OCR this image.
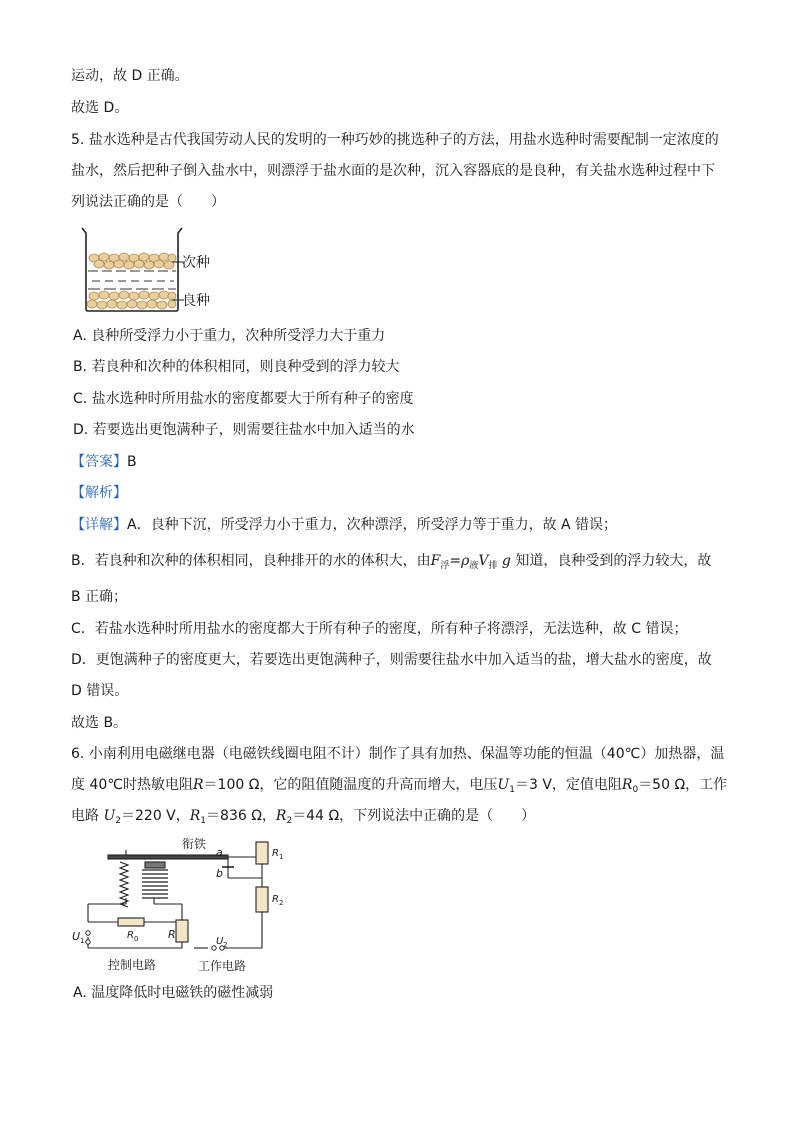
运动，故 D 正确。
故选 D。
5. 盐水选种是古代我国劳动人民的发明的一种巧妙的挑选种子的方法，用盐水选种时需要配制一定浓度的
盐水，然后把种子倒入盐水中，则漂浮于盐水面的是次种，沉入容器底的是良种，有关盐水选种过程中下
列说法正确的是（　　）
次种
良种
A. 良种所受浮力小于重力，次种所受浮力大于重力
B. 若良种和次种的体积相同，则良种受到的浮力较大
C. 盐水选种时所用盐水的密度都要大于所有种子的密度
D. 若要选出更饱满种子，则需要往盐水中加入适当的水
【答案】B
【解析】
【详解】A．良种下沉，所受浮力小于重力，次种漂浮，所受浮力等于重力，故 A 错误；
B．若良种和次种的体积相同，良种排开的水的体积大，由$F_浮=\rho_液V_排$ g 知道，良种受到的浮力较大，故
B 正确；
C．若盐水选种时所用盐水的密度都大于所有种子的密度，所有种子将漂浮，无法选种，故 C 错误；
D．更饱满种子的密度更大，若要选出更饱满种子，则需要往盐水中加入适当的盐，增大盐水的密度，故
D 错误。
故选 B。
6. 小南利用电磁继电器（电磁铁线圈电阻不计）制作了具有加热、保温等功能的恒温（40℃）加热器，温
度 40℃时热敏电阻R＝100 Ω，它的阻值随温度的升高而增大，电压$U_1=3$ V，定值电阻$R_0=50$ Ω，工作
电路 $U_2=220$ V，$R_1=836$ Ω，$R_2=44$ Ω，下列说法中正确的是（　　）
衔铁
a
b
R 1
R 2
R 0	R
U 1	U 2
控制电路	工作电路
A. 温度降低时电磁铁的磁性减弱
